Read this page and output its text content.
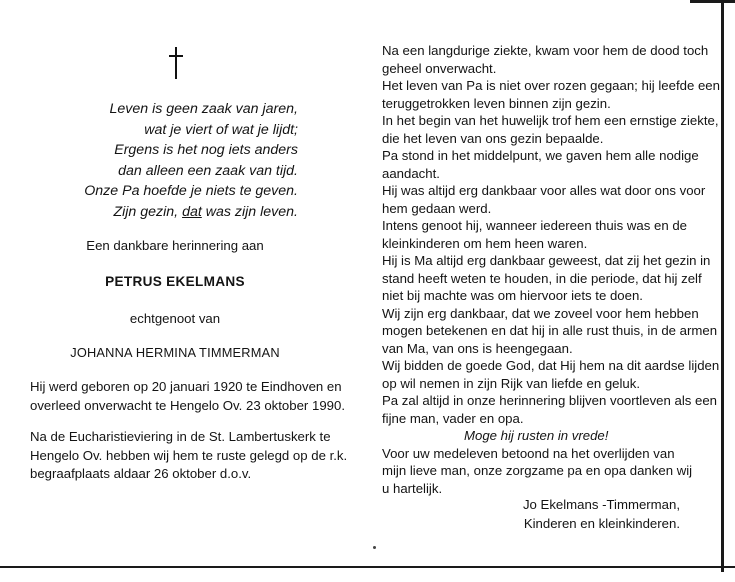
Leven is geen zaak van jaren,
wat je viert of wat je lijdt;
Ergens is het nog iets anders
dan alleen een zaak van tijd.
Onze Pa hoefde je niets te geven.
Zijn gezin, dat was zijn leven.
Een dankbare herinnering aan
PETRUS EKELMANS
echtgenoot van
JOHANNA HERMINA TIMMERMAN
Hij werd geboren op 20 januari 1920 te Eindhoven en
overleed onverwacht te Hengelo Ov. 23 oktober 1990.
Na de Eucharistieviering in de St. Lambertuskerk te
Hengelo Ov. hebben wij hem te ruste gelegd op de r.k.
begraafplaats aldaar 26 oktober d.o.v.
Na een langdurige ziekte, kwam voor hem de dood toch
geheel onverwacht.
Het leven van Pa is niet over rozen gegaan; hij leefde een
teruggetrokken leven binnen zijn gezin.
In het begin van het huwelijk trof hem een ernstige ziekte,
die het leven van ons gezin bepaalde.
Pa stond in het middelpunt, we gaven hem alle nodige
aandacht.
Hij was altijd erg dankbaar voor alles wat door ons voor
hem gedaan werd.
Intens genoot hij, wanneer iedereen thuis was en de
kleinkinderen om hem heen waren.
Hij is Ma altijd erg dankbaar geweest, dat zij het gezin in
stand heeft weten te houden, in die periode, dat hij zelf
niet bij machte was om hiervoor iets te doen.
Wij zijn erg dankbaar, dat we zoveel voor hem hebben
mogen betekenen en dat hij in alle rust thuis, in de armen
van Ma, van ons is heengegaan.
Wij bidden de goede God, dat Hij hem na dit aardse lijden
op wil nemen in zijn Rijk van liefde en geluk.
Pa zal altijd in onze herinnering blijven voortleven als een
fijne man, vader en opa.
Moge hij rusten in vrede!
Voor uw medeleven betoond na het overlijden van
mijn lieve man, onze zorgzame pa en opa danken wij
u hartelijk.
Jo Ekelmans -Timmerman,
Kinderen en kleinkinderen.
